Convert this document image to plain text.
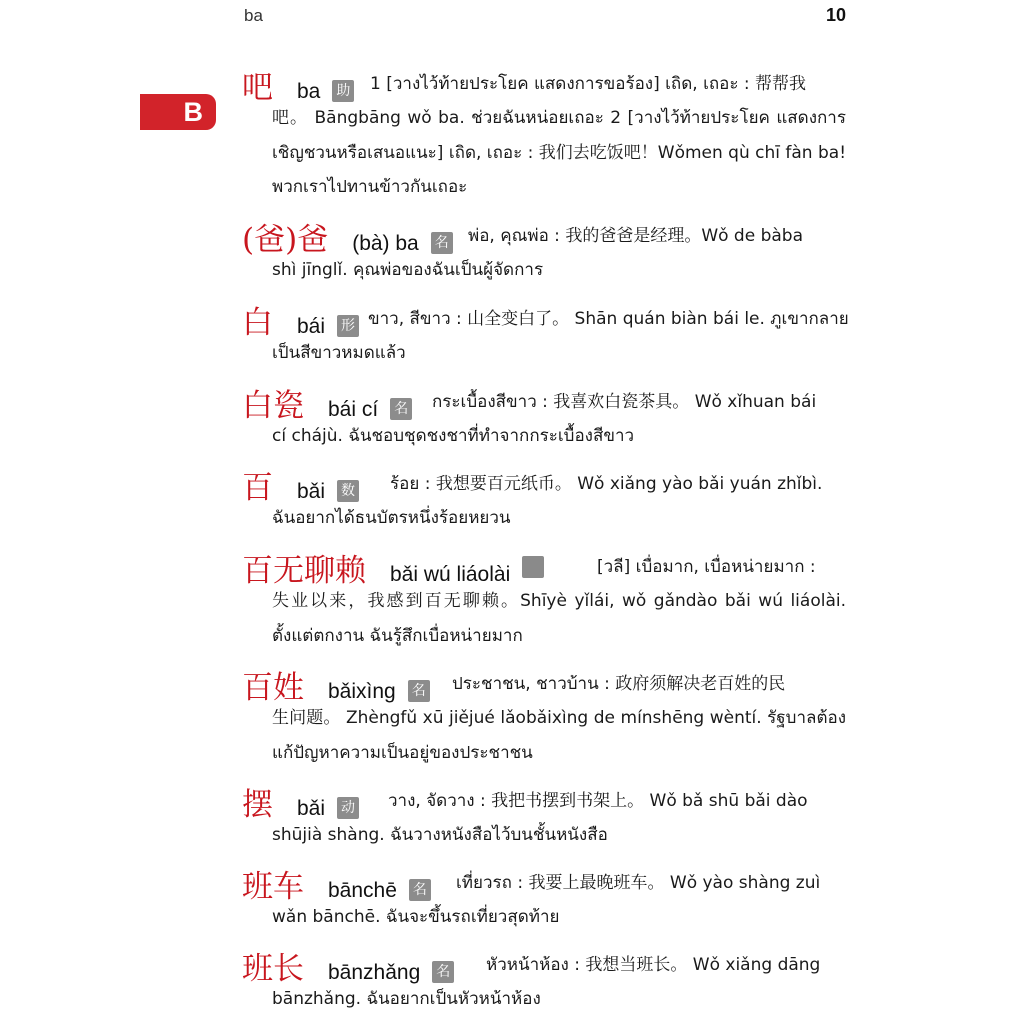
ba	10
B
吧 ba 助 1 [วางไว้ท้ายประโยค แสดงการขอร้อง] เถิด, เถอะ : 帮帮我
吧。 Bāngbāng wǒ ba. ช่วยฉันหน่อยเถอะ 2 [วางไว้ท้ายประโยค แสดงการเชิญชวนหรือเสนอแนะ] เถิด, เถอะ : 我们去吃饭吧！Wǒmen qù chī fàn ba! พวกเราไปทานข้าวกันเถอะ
(爸)爸 (bà) ba 名 พ่อ, คุณพ่อ : 我的爸爸是经理。Wǒ de bàba
shì jīnglǐ. คุณพ่อของฉันเป็นผู้จัดการ
白 bái 形 ขาว, สีขาว : 山全变白了。 Shān quán biàn bái le. ภูเขากลาย
เป็นสีขาวหมดแล้ว
白瓷 bái cí 名 กระเบื้องสีขาว : 我喜欢白瓷茶具。 Wǒ xǐhuan bái
cí chájù. ฉันชอบชุดชงชาที่ทำจากกระเบื้องสีขาว
百 bǎi 数 ร้อย : 我想要百元纸币。 Wǒ xiǎng yào bǎi yuán zhǐbì.
ฉันอยากได้ธนบัตรหนึ่งร้อยหยวน
百无聊赖 bǎi wú liáolài	[วลี] เบื่อมาก, เบื่อหน่ายมาก :
失业以来，我感到百无聊赖。Shīyè yǐlái, wǒ gǎndào bǎi wú liáolài. ตั้งแต่ตกงาน ฉันรู้สึกเบื่อหน่ายมาก
百姓 bǎixìng 名 ประชาชน, ชาวบ้าน : 政府须解决老百姓的民
生问题。 Zhèngfǔ xū jiějué lǎobǎixìng de mínshēng wèntí. รัฐบาลต้องแก้ปัญหาความเป็นอยู่ของประชาชน
摆 bǎi 动 วาง, จัดวาง : 我把书摆到书架上。 Wǒ bǎ shū bǎi dào
shūjià shàng. ฉันวางหนังสือไว้บนชั้นหนังสือ
班车 bānchē 名 เที่ยวรถ : 我要上最晚班车。 Wǒ yào shàng zuì
wǎn bānchē. ฉันจะขึ้นรถเที่ยวสุดท้าย
班长 bānzhǎng 名 หัวหน้าห้อง : 我想当班长。 Wǒ xiǎng dāng
bānzhǎng. ฉันอยากเป็นหัวหน้าห้อง
